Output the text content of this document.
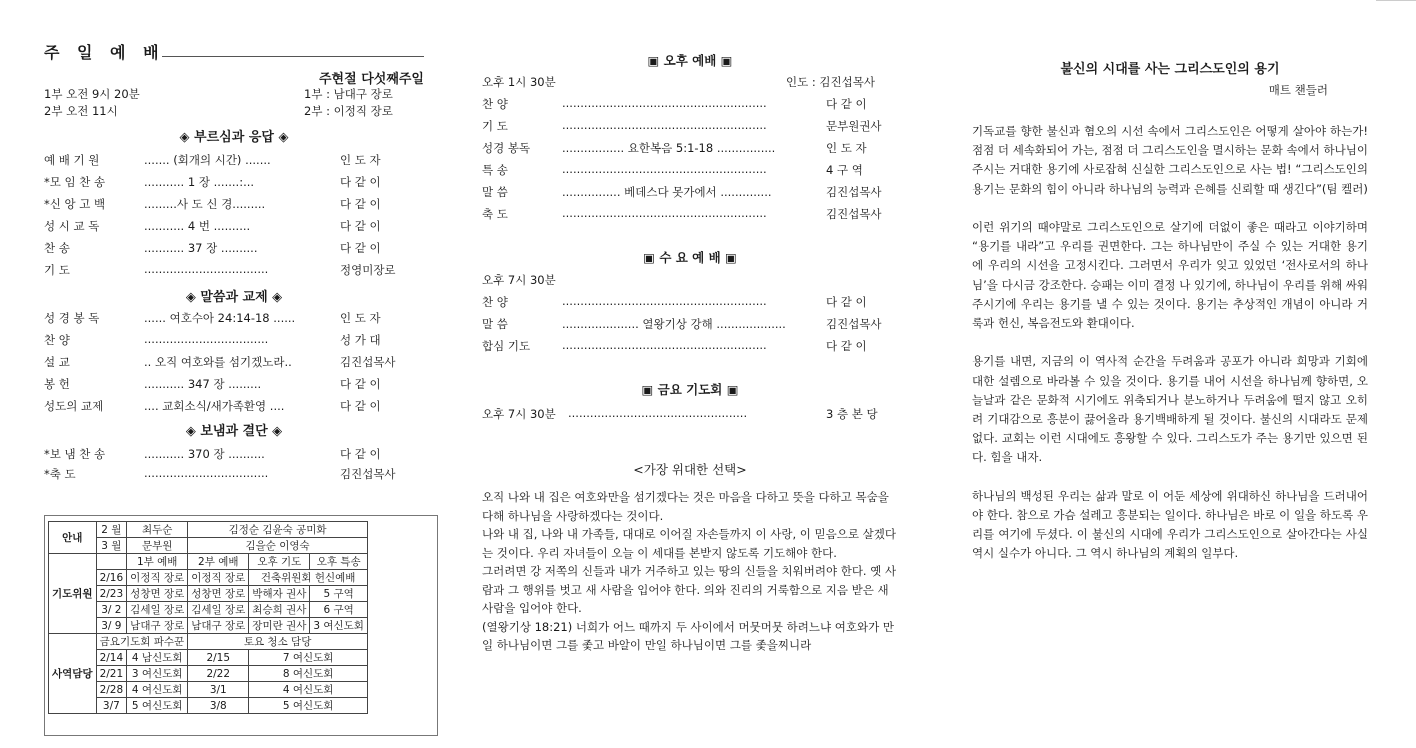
주 일 예 배
주현절 다섯째주일
1부 오전 9시 20분	1부 : 남대구 장로
2부 오전 11시	2부 : 이정직 장로
◈ 부르심과 응답 ◈
예 배 기 원	....... (회개의 시간) .......	인 도 자
*모 임 찬 송	........... 1 장 .......:...	다 같 이
*신 앙 고 백	.........사 도 신 경.........	다 같 이
성 시 교 독	........... 4 번 ..........	다 같 이
찬 송	........... 37 장 ..........	다 같 이
기 도	..................................	정영미장로
◈ 말씀과 교제 ◈
성 경 봉 독	...... 여호수아 24:14-18 ......	인 도 자
찬 양	..................................	성 가 대
설 교	.. 오직 여호와를 섬기겠노라..	김진섭목사
봉 헌	........... 347 장 .........	다 같 이
성도의 교제	.... 교회소식/새가족환영 ....	다 같 이
◈ 보냄과 결단 ◈
*보 냄 찬 송	........... 370 장 ..........	다 같 이
*축 도	..................................	김진섭목사
안내	2 월	최두순	김정순 김윤숙 공미화		
	3 월	문부원	김을순 이영숙		
기도위원		1부 예배	2부 예배	오후 기도	오후 특송
	2/16	이정직 장로	이정직 장로	건축위원회 헌신예배	
	2/23	성창면 장로	성창면 장로	박해자 권사	5 구역
	3/ 2	김세일 장로	김세일 장로	최승희 권사	6 구역
	3/ 9	남대구 장로	남대구 장로	장미란 권사	3 여신도회
사역담당	금요기도회 파수꾼		토요 청소 담당		
	2/14	4 남신도회	2/15	7 여신도회	
	2/21	3 여신도회	2/22	8 여신도회	
	2/28	4 여신도회	3/1	4 여신도회	
	3/7	5 여신도회	3/8	5 여신도회	
▣ 오후 예배 ▣
오후 1시 30분	인도 : 김진섭목사
찬 양	........................................................	다 같 이
기 도	........................................................	문부원권사
성경 봉독	................. 요한복음 5:1-18 ................	인 도 자
특 송	........................................................	4 구 역
말 씀	................ 베데스다 못가에서 ..............	김진섭목사
축 도	........................................................	김진섭목사
▣ 수 요 예 배 ▣
오후 7시 30분
찬 양	........................................................	다 같 이
말 씀	..................... 열왕기상 강해 ...................	김진섭목사
합심 기도	........................................................	다 같 이
▣ 금요 기도회 ▣
오후 7시 30분	.................................................	3 층 본 당
<가장 위대한 선택>

오직 나와 내 집은 여호와만을 섬기겠다는 것은 마음을 다하고 뜻을 다하고 목숨을 다해 하나님을 사랑하겠다는 것이다.

나와 내 집, 나와 내 가족들, 대대로 이어질 자손들까지 이 사랑, 이 믿음으로 살겠다는 것이다. 우리 자녀들이 오늘 이 세대를 본받지 않도록 기도해야 한다.

그러려면 강 저쪽의 신들과 내가 거주하고 있는 땅의 신들을 치워버려야 한다. 옛 사람과 그 행위를 벗고 새 사람을 입어야 한다. 의와 진리의 거룩함으로 지음 받은 새 사람을 입어야 한다.

(열왕기상 18:21) 너희가 어느 때까지 두 사이에서 머뭇머뭇 하려느냐 여호와가 만일 하나님이면 그를 좇고 바알이 만일 하나님이면 그를 좇을찌니라

불신의 시대를 사는 그리스도인의 용기
매트 챈들러

기독교를 향한 불신과 혐오의 시선 속에서 그리스도인은 어떻게 살아야 하는가! 점점 더 세속화되어 가는, 점점 더 그리스도인을 멸시하는 문화 속에서 하나님이 주시는 거대한 용기에 사로잡혀 신실한 그리스도인으로 사는 법! “그리스도인의 용기는 문화의 힘이 아니라 하나님의 능력과 은혜를 신뢰할 때 생긴다”(팀 켈러)

이런 위기의 때야말로 그리스도인으로 살기에 더없이 좋은 때라고 이야기하며 “용기를 내라”고 우리를 권면한다. 그는 하나님만이 주실 수 있는 거대한 용기에 우리의 시선을 고정시킨다. 그러면서 우리가 잊고 있었던 ‘전사로서의 하나님’을 다시금 강조한다. 승패는 이미 결정 나 있기에, 하나님이 우리를 위해 싸워 주시기에 우리는 용기를 낼 수 있는 것이다. 용기는 추상적인 개념이 아니라 거룩과 헌신, 복음전도와 환대이다.

용기를 내면, 지금의 이 역사적 순간을 두려움과 공포가 아니라 희망과 기회에 대한 설렘으로 바라볼 수 있을 것이다. 용기를 내어 시선을 하나님께 향하면, 오늘날과 같은 문화적 시기에도 위축되거나 분노하거나 두려움에 떨지 않고 오히려 기대감으로 흥분이 끓어올라 용기백배하게 될 것이다. 불신의 시대라도 문제없다. 교회는 이런 시대에도 흥왕할 수 있다. 그리스도가 주는 용기만 있으면 된다. 힘을 내자.

하나님의 백성된 우리는 삶과 말로 이 어둔 세상에 위대하신 하나님을 드러내어야 한다. 참으로 가슴 설레고 흥분되는 일이다. 하나님은 바로 이 일을 하도록 우리를 여기에 두셨다. 이 불신의 시대에 우리가 그리스도인으로 살아간다는 사실 역시 실수가 아니다. 그 역시 하나님의 계획의 일부다.
